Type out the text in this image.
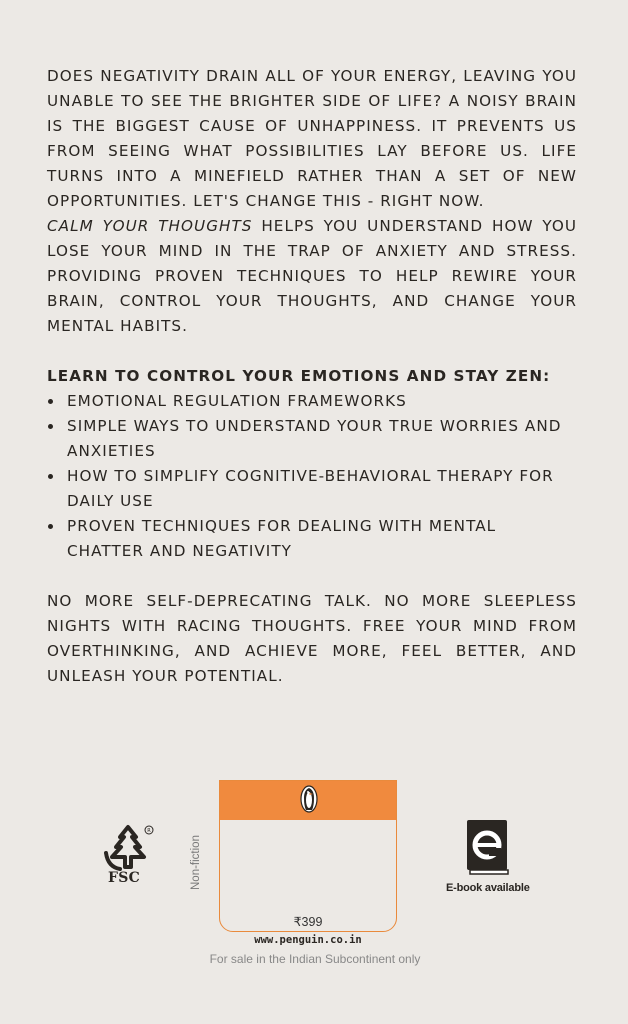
DOES NEGATIVITY DRAIN ALL OF YOUR ENERGY, LEAVING YOU UNABLE TO SEE THE BRIGHTER SIDE OF LIFE? A NOISY BRAIN IS THE BIGGEST CAUSE OF UNHAPPINESS. IT PREVENTS US FROM SEEING WHAT POSSIBILITIES LAY BEFORE US. LIFE TURNS INTO A MINEFIELD RATHER THAN A SET OF NEW
OPPORTUNITIES. LET'S CHANGE THIS - RIGHT NOW.

CALM YOUR THOUGHTS HELPS YOU UNDERSTAND HOW YOU LOSE YOUR MIND IN THE TRAP OF ANXIETY AND STRESS. PROVIDING PROVEN TECHNIQUES TO HELP REWIRE YOUR BRAIN, CONTROL YOUR THOUGHTS, AND CHANGE YOUR
MENTAL HABITS.

LEARN TO CONTROL YOUR EMOTIONS AND STAY ZEN:
EMOTIONAL REGULATION FRAMEWORKS
SIMPLE WAYS TO UNDERSTAND YOUR TRUE WORRIES AND ANXIETIES
HOW TO SIMPLIFY COGNITIVE-BEHAVIORAL THERAPY FOR DAILY USE
PROVEN TECHNIQUES FOR DEALING WITH MENTAL CHATTER AND NEGATIVITY

NO MORE SELF-DEPRECATING TALK. NO MORE SLEEPLESS NIGHTS WITH RACING THOUGHTS. FREE YOUR MIND FROM OVERTHINKING, AND ACHIEVE MORE, FEEL BETTER, AND
UNLEASH YOUR POTENTIAL.

R
FSC	Non-fiction
₹399
www.penguin.co.in
For sale in the Indian Subcontinent only
E-book available
